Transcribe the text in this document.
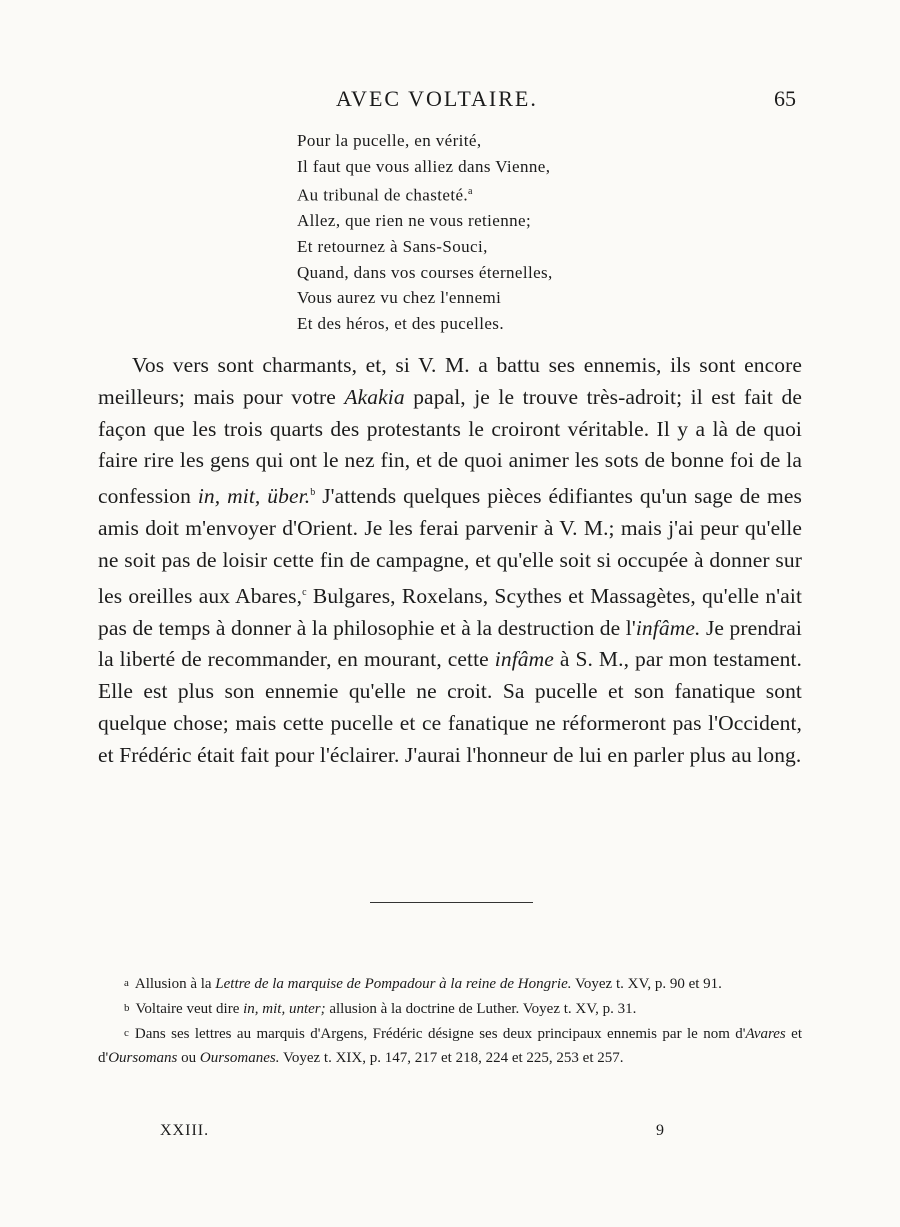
AVEC VOLTAIRE.	65
Pour la pucelle, en vérité,
Il faut que vous alliez dans Vienne,
Au tribunal de chasteté.$^a$
Allez, que rien ne vous retienne;
Et retournez à Sans-Souci,
Quand, dans vos courses éternelles,
Vous aurez vu chez l'ennemi
Et des héros, et des pucelles.
Vos vers sont charmants, et, si V. M. a battu ses ennemis, ils sont encore meilleurs; mais pour votre Akakia papal, je le trouve très-adroit; il est fait de façon que les trois quarts des protestants le croiront véritable. Il y a là de quoi faire rire les gens qui ont le nez fin, et de quoi animer les sots de bonne foi de la confession in, mit, über.$^b$ J'attends quelques pièces édifiantes qu'un sage de mes amis doit m'envoyer d'Orient. Je les ferai parvenir à V. M.; mais j'ai peur qu'elle ne soit pas de loisir cette fin de campagne, et qu'elle soit si occupée à donner sur les oreilles aux Abares,$^c$ Bulgares, Roxelans, Scythes et Massagètes, qu'elle n'ait pas de temps à donner à la philosophie et à la destruction de l'infâme. Je prendrai la liberté de recommander, en mourant, cette infâme à S. M., par mon testament. Elle est plus son ennemie qu'elle ne croit. Sa pucelle et son fanatique sont quelque chose; mais cette pucelle et ce fanatique ne réformeront pas l'Occident, et Frédéric était fait pour l'éclairer. J'aurai l'honneur de lui en parler plus au long.

a Allusion à la Lettre de la marquise de Pompadour à la reine de Hongrie. Voyez t. XV, p. 90 et 91.

b Voltaire veut dire in, mit, unter; allusion à la doctrine de Luther. Voyez t. XV, p. 31.

c Dans ses lettres au marquis d'Argens, Frédéric désigne ses deux principaux ennemis par le nom d'Avares et d'Oursomans ou Oursomanes. Voyez t. XIX, p. 147, 217 et 218, 224 et 225, 253 et 257.

XXIII.	9
